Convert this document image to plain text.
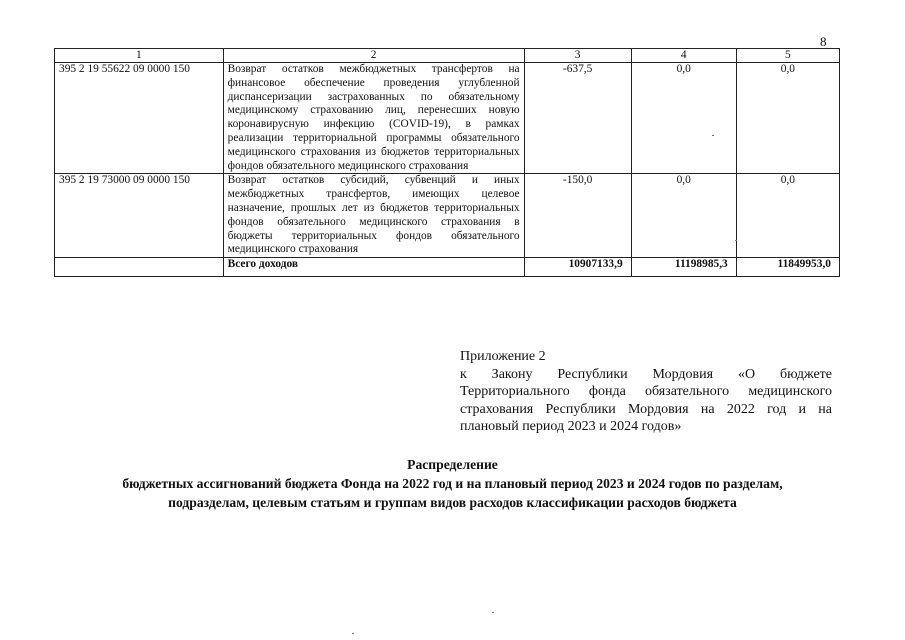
8
1	2	3	4	5
395 2 19 55622 09 0000 150	Возврат остатков межбюджетных трансфертов на финансовое обеспечение проведения углубленной диспансеризации застрахованных по обязательному медицинскому страхованию лиц, перенесших новую коронавирусную инфекцию (COVID-19), в рамках реализации территориальной программы обязательного медицинского страхования из бюджетов территориальных фондов обязательного медицинского страхования	-637,5	0,0	0,0
395 2 19 73000 09 0000 150	Возврат остатков субсидий, субвенций и иных межбюджетных трансфертов, имеющих целевое назначение, прошлых лет из бюджетов территориальных фондов обязательного медицинского страхования в бюджеты территориальных фондов обязательного медицинского страхования	-150,0	0,0	0,0
	Всего доходов	10907133,9	11198985,3	11849953,0
Приложение 2
к Закону Республики Мордовия «О бюджете
Территориального фонда обязательного медицинского
страхования Республики Мордовия на 2022 год и на
плановый период 2023 и 2024 годов»
Распределение
бюджетных ассигнований бюджета Фонда на 2022 год и на плановый период 2023 и 2024 годов по разделам,
подразделам, целевым статьям и группам видов расходов классификации расходов бюджета
